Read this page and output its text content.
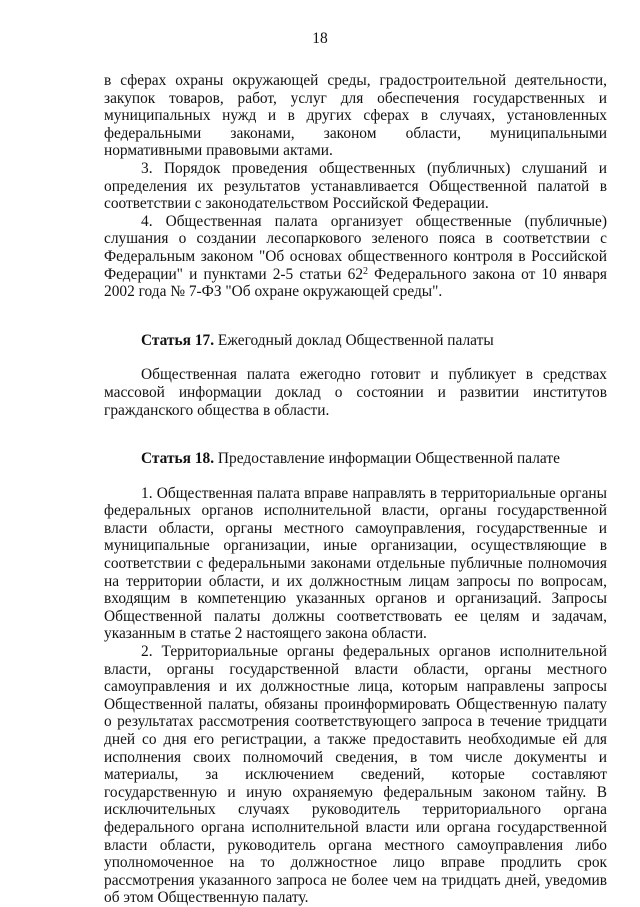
18

в сферах охраны окружающей среды, градостроительной деятельности, закупок товаров, работ, услуг для обеспечения государственных и муниципальных нужд и в других сферах в случаях, установленных федеральными законами, законом области, муниципальными нормативными правовыми актами.

3. Порядок проведения общественных (публичных) слушаний и определения их результатов устанавливается Общественной палатой в соответствии с законодательством Российской Федерации.

4. Общественная палата организует общественные (публичные) слушания о создании лесопаркового зеленого пояса в соответствии с Федеральным законом "Об основах общественного контроля в Российской Федерации" и пунктами 2-5 статьи $62^2$ Федерального закона от 10 января 2002 года № 7-ФЗ "Об охране окружающей среды".

Статья 17. Ежегодный доклад Общественной палаты

Общественная палата ежегодно готовит и публикует в средствах массовой информации доклад о состоянии и развитии институтов гражданского общества в области.

Статья 18. Предоставление информации Общественной палате

1. Общественная палата вправе направлять в территориальные органы федеральных органов исполнительной власти, органы государственной власти области, органы местного самоуправления, государственные и муниципальные организации, иные организации, осуществляющие в соответствии с федеральными законами отдельные публичные полномочия на территории области, и их должностным лицам запросы по вопросам, входящим в компетенцию указанных органов и организаций. Запросы Общественной палаты должны соответствовать ее целям и задачам, указанным в статье 2 настоящего закона области.

2. Территориальные органы федеральных органов исполнительной власти, органы государственной власти области, органы местного самоуправления и их должностные лица, которым направлены запросы Общественной палаты, обязаны проинформировать Общественную палату о результатах рассмотрения соответствующего запроса в течение тридцати дней со дня его регистрации, а также предоставить необходимые ей для исполнения своих полномочий сведения, в том числе документы и материалы, за исключением сведений, которые составляют государственную и иную охраняемую федеральным законом тайну. В исключительных случаях руководитель территориального органа федерального органа исполнительной власти или органа государственной власти области, руководитель органа местного самоуправления либо уполномоченное на то должностное лицо вправе продлить срок рассмотрения указанного запроса не более чем на тридцать дней, уведомив об этом Общественную палату.
